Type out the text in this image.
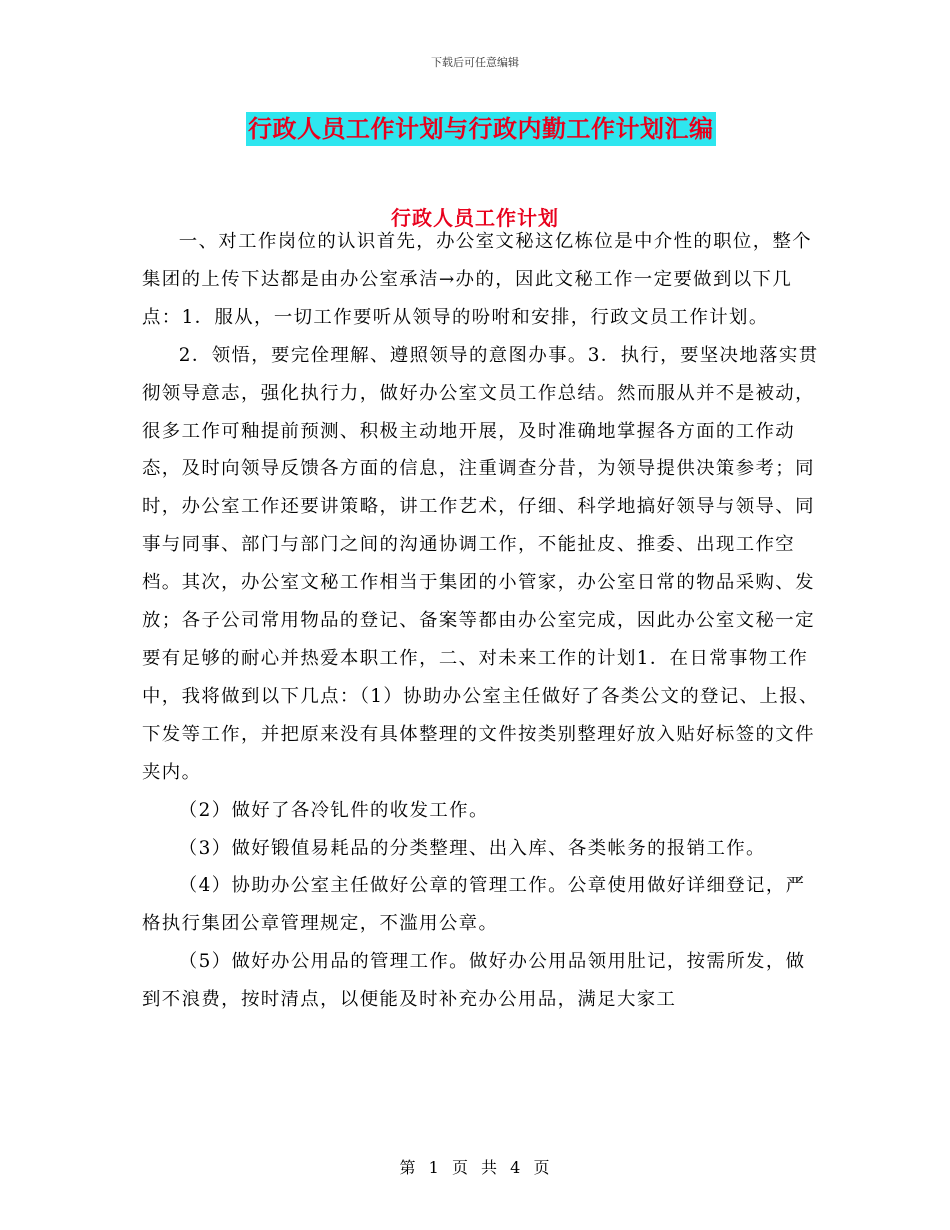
下载后可任意编辑
行政人员工作计划与行政内勤工作计划汇编
行政人员工作计划

一、对工作岗位的认识首先，办公室文秘这亿栋位是中介性的职位，整个集团的上传下达都是由办公室承洁→办的，因此文秘工作一定要做到以下几点：1．服从，一切工作要听从领导的吩咐和安排，行政文员工作计划。

2．领悟，要完佺理解、遵照领导的意图办事。3．执行，要坚决地落实贯彻领导意志，强化执行力，做好办公室文员工作总结。然而服从并不是被动，很多工作可釉提前预测、积极主动地开展，及时准确地掌握各方面的工作动态，及时向领导反馈各方面的信息，注重调查分昔，为领导提供决策参考；同时，办公室工作还要讲策略，讲工作艺术，仔细、科学地搞好领导与领导、同事与同事、部门与部门之间的沟通协调工作，不能扯皮、推委、出现工作空档。其次，办公室文秘工作相当于集团的小管家，办公室日常的物品采购、发放；各子公司常用物品的登记、备案等都由办公室完成，因此办公室文秘一定要有足够的耐心并热爱本职工作，二、对未来工作的计划1．在日常事物工作中，我将做到以下几点：（1）协助办公室主任做好了各类公文的登记、上报、下发等工作，并把原来没有具体整理的文件按类别整理好放入贴好标签的文件夹内。

（2）做好了各冷钆件的收发工作。

（3）做好锻值易耗品的分类整理、出入库、各类帐务的报销工作。

（4）协助办公室主任做好公章的管理工作。公章使用做好详细登记，严格执行集团公章管理规定，不滥用公章。

（5）做好办公用品的管理工作。做好办公用品领用肚记，按需所发，做到不浪费，按时清点，以便能及时补充办公用品，满足大家工

第 1 页 共 4 页
